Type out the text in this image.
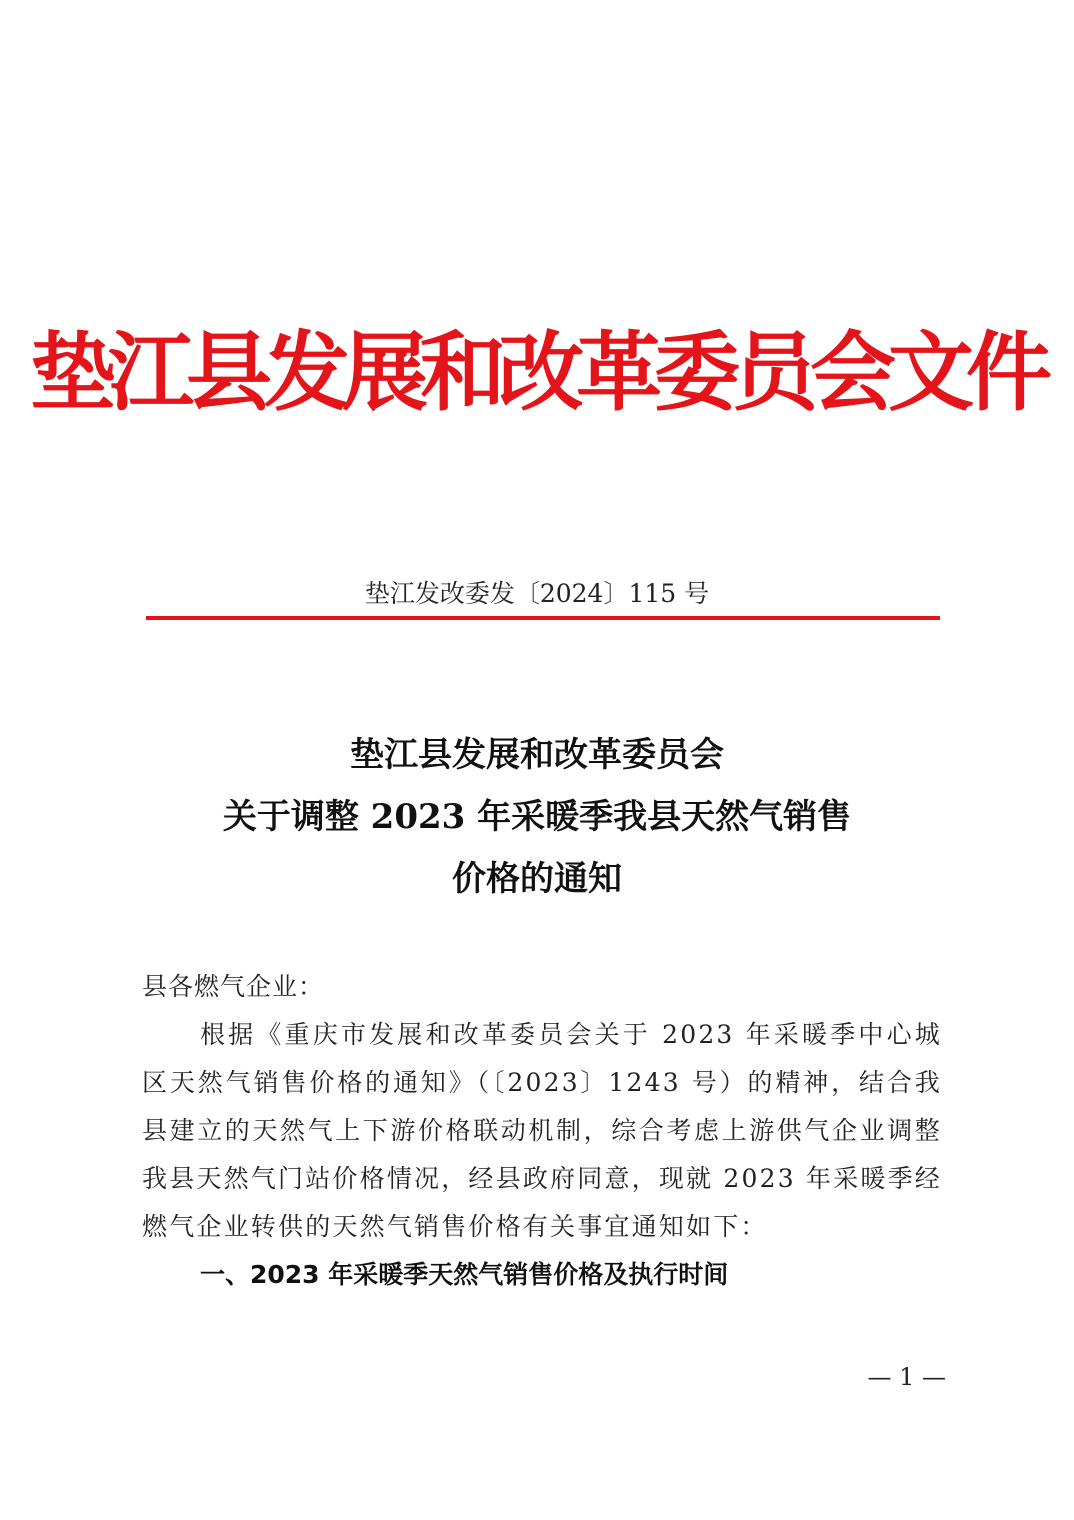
垫江县发展和改革委员会文件
垫江发改委发〔2024〕115 号
垫江县发展和改革委员会
关于调整 2023 年采暖季我县天然气销售
价格的通知
县各燃气企业：
根据《重庆市发展和改革委员会关于 2023 年采暖季中心城区天然气销售价格的通知》（〔2023〕1243 号）的精神，结合我县建立的天然气上下游价格联动机制，综合考虑上游供气企业调整我县天然气门站价格情况，经县政府同意，现就 2023 年采暖季经燃气企业转供的天然气销售价格有关事宜通知如下：
一、2023 年采暖季天然气销售价格及执行时间
— 1 —
